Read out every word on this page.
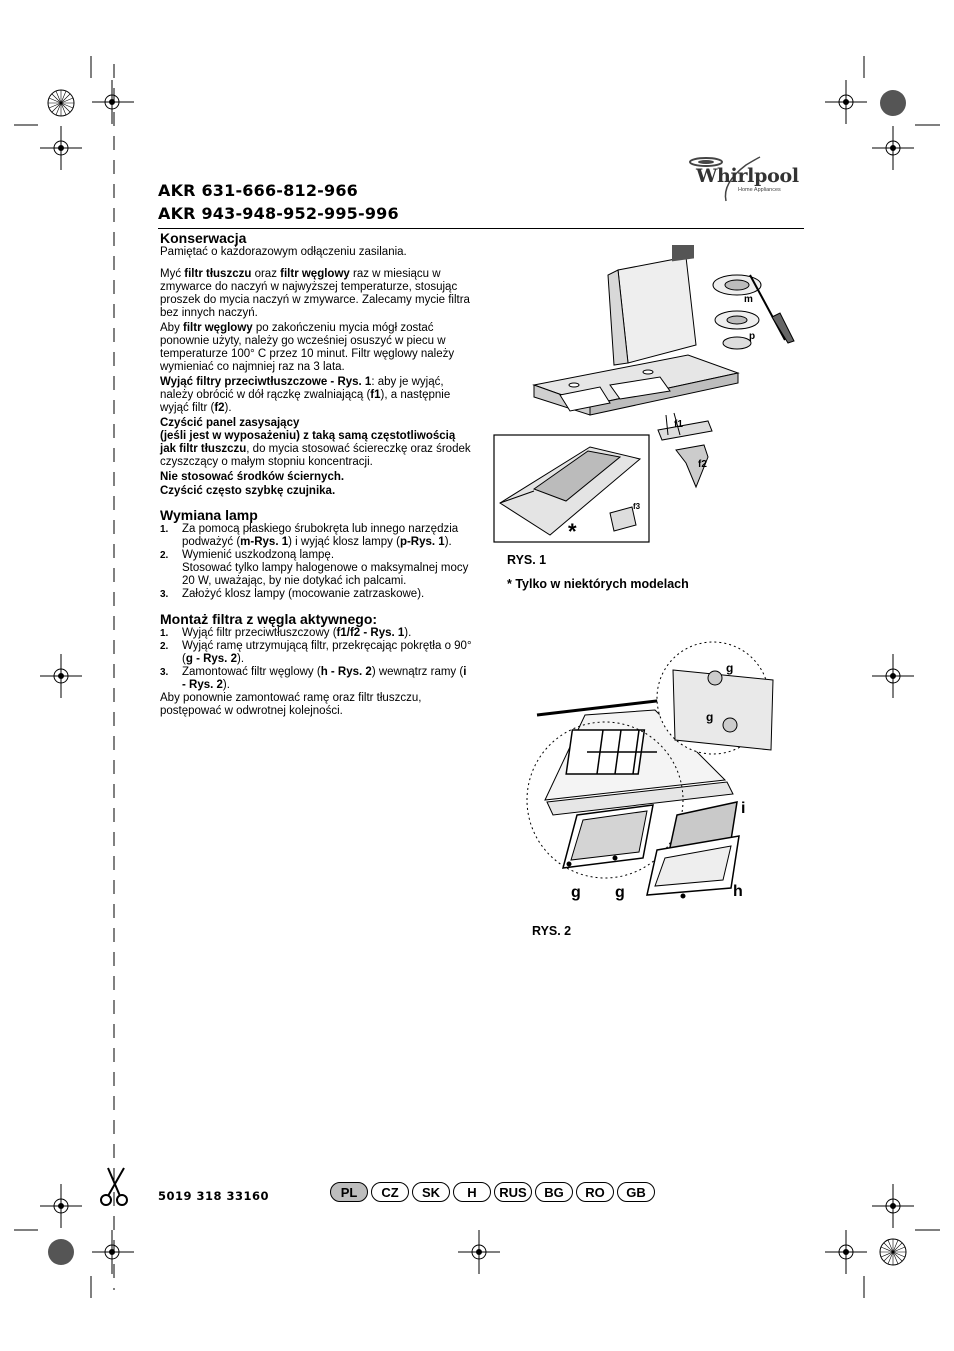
Whirlpool
Home Appliances
AKR 631-666-812-966
AKR 943-948-952-995-996
Konserwacja

Pamiętać o każdorazowym odłączeniu zasilania.

Myć filtr tłuszczu oraz filtr węglowy raz w miesiącu w zmywarce do naczyń w najwyższej temperaturze, stosując proszek do mycia naczyń w zmywarce. Zalecamy mycie filtra bez innych naczyń.

Aby filtr węglowy po zakończeniu mycia mógł zostać ponownie użyty, należy go wcześniej osuszyć w piecu w temperaturze 100° C przez 10 minut. Filtr węglowy należy wymieniać co najmniej raz na 3 lata.

Wyjąć filtry przeciwtłuszczowe - Rys. 1: aby je wyjąć, należy obrócić w dół rączkę zwalniającą (f1), a następnie wyjąć filtr (f2).

Czyścić panel zasysający
(jeśli jest w wyposażeniu) z taką samą częstotliwością jak filtr tłuszczu, do mycia stosować ściereczkę oraz środek czyszczący o małym stopniu koncentracji.

Nie stosować środków ściernych.

Czyścić często szybkę czujnika.

Wymiana lamp
1. Za pomocą płaskiego śrubokręta lub innego narzędzia podważyć (m-Rys. 1) i wyjąć klosz lampy (p-Rys. 1).
2. Wymienić uszkodzoną lampę.
Stosować tylko lampy halogenowe o maksymalnej mocy 20 W, uważając, by nie dotykać ich palcami.
3. Założyć klosz lampy (mocowanie zatrzaskowe).
Montaż filtra z węgla aktywnego:
1. Wyjąć filtr przeciwtłuszczowy (f1/f2 - Rys. 1).
2. Wyjąć ramę utrzymującą filtr, przekręcając pokrętła o 90° (g - Rys. 2).
3. Zamontować filtr węglowy (h - Rys. 2) wewnątrz ramy (i - Rys. 2).

Aby ponownie zamontować ramę oraz filtr tłuszczu, postępować w odwrotnej kolejności.

m
p
f1
f2
f3
*
RYS. 1
* Tylko w niektórych modelach
g
g
i
g g	h
RYS. 2
5019 318 33160	PL	CZ	SK	H	RUS	BG	RO	GB
